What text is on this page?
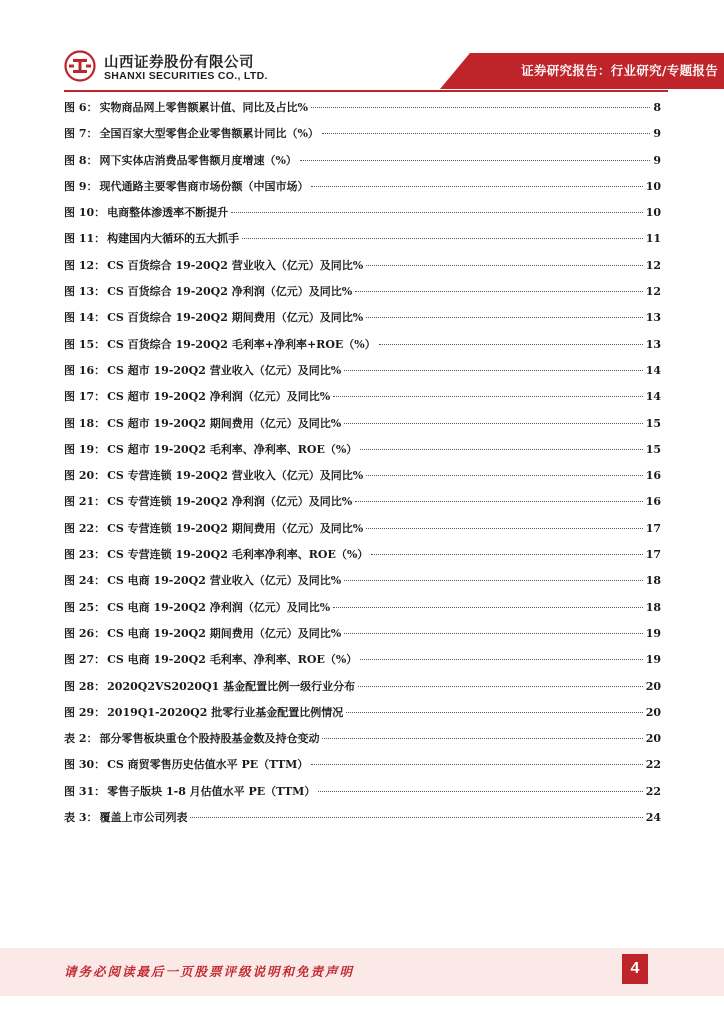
山西证券股份有限公司
SHANXI SECURITIES CO., LTD.	证券研究报告：行业研究/专题报告
图 6： 实物商品网上零售额累计值、同比及占比%	8
图 7： 全国百家大型零售企业零售额累计同比（%）	9
图 8： 网下实体店消费品零售额月度增速（%）	9
图 9： 现代通路主要零售商市场份额（中国市场）	10
图 10： 电商整体渗透率不断提升	10
图 11： 构建国内大循环的五大抓手	11
图 12： CS 百货综合 19-20Q2 营业收入（亿元）及同比%	12
图 13： CS 百货综合 19-20Q2 净利润（亿元）及同比%	12
图 14： CS 百货综合 19-20Q2 期间费用（亿元）及同比%	13
图 15： CS 百货综合 19-20Q2 毛利率+净利率+ROE（%）	13
图 16： CS 超市 19-20Q2 营业收入（亿元）及同比%	14
图 17： CS 超市 19-20Q2 净利润（亿元）及同比%	14
图 18： CS 超市 19-20Q2 期间费用（亿元）及同比%	15
图 19： CS 超市 19-20Q2 毛利率、净利率、ROE（%）	15
图 20： CS 专营连锁 19-20Q2 营业收入（亿元）及同比%	16
图 21： CS 专营连锁 19-20Q2 净利润（亿元）及同比%	16
图 22： CS 专营连锁 19-20Q2 期间费用（亿元）及同比%	17
图 23： CS 专营连锁 19-20Q2 毛利率净利率、ROE（%）	17
图 24： CS 电商 19-20Q2 营业收入（亿元）及同比%	18
图 25： CS 电商 19-20Q2 净利润（亿元）及同比%	18
图 26： CS 电商 19-20Q2 期间费用（亿元）及同比%	19
图 27： CS 电商 19-20Q2 毛利率、净利率、ROE（%）	19
图 28： 2020Q2VS2020Q1 基金配置比例一级行业分布	20
图 29： 2019Q1-2020Q2 批零行业基金配置比例情况	20
表 2： 部分零售板块重仓个股持股基金数及持仓变动	20
图 30： CS 商贸零售历史估值水平 PE（TTM）	22
图 31： 零售子版块 1-8 月估值水平 PE（TTM）	22
表 3： 覆盖上市公司列表	24
请务必阅读最后一页股票评级说明和免责声明	4
